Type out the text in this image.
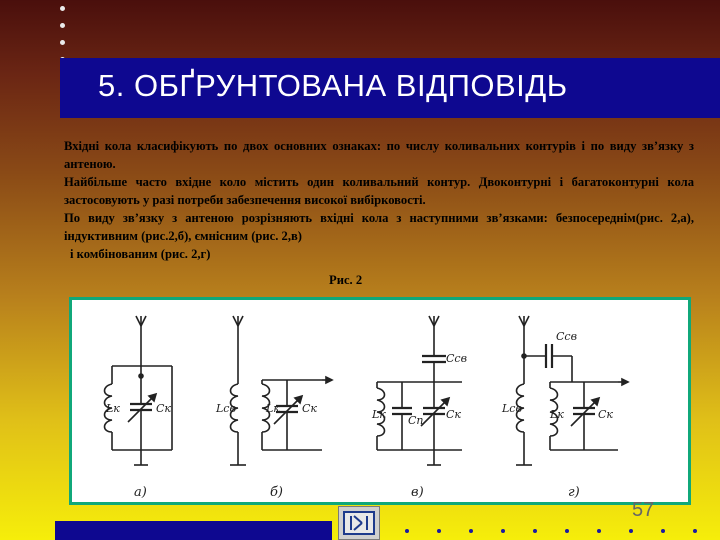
5. ОБҐРУНТОВАНА ВІДПОВІДЬ

Вхідні кола класифікують по двох основних ознаках: по числу коливальних контурів і по виду зв’язку з антеною.

Найбільше часто вхідне коло містить один коливальний контур. Двоконтурні і багатоконтурні кола застосовують у разі потреби забезпечення високої вибірковості.

По виду зв’язку з антеною розрізняють вхідні кола з наступними зв’язками: безпосереднім(рис. 2,а), індуктивним (рис.2,б), ємнісним (рис. 2,в)

і комбінованим (рис. 2,г)

Рис. 2
Lк	Cк
а)
Lсв	Lк Cк
б)
Cсв
Lк Cп Cк
в)
Cсв
Lсв	Lк	Cк
г)
57
